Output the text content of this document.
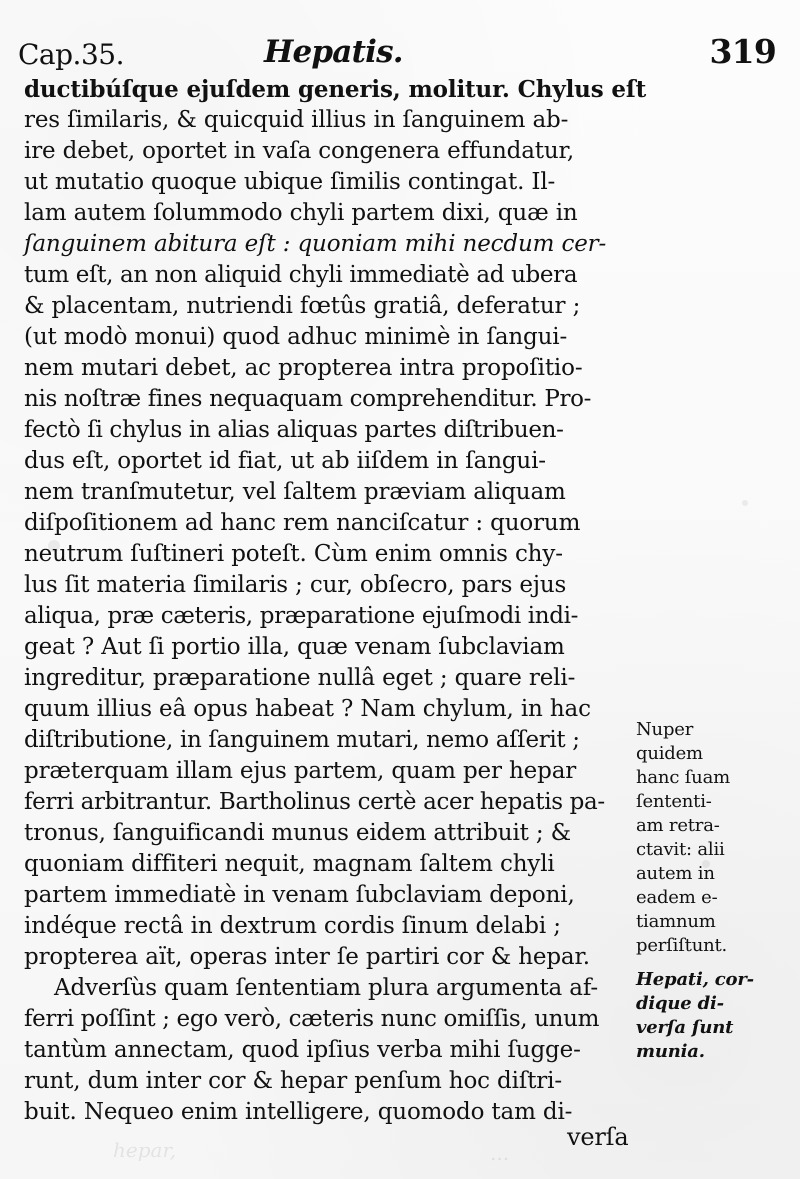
Cap.35.	Hepatis.	319
ductibúſque ejuſdem generis, molitur. Chylus eſt
res ſimilaris, & quicquid illius in ſanguinem ab-
ire debet, oportet in vaſa congenera effundatur,
ut mutatio quoque ubique ſimilis contingat. Il-
lam autem ſolummodo chyli partem dixi, quæ in
ſanguinem abitura eſt : quoniam mihi necdum cer-
tum eſt, an non aliquid chyli immediatè ad ubera
& placentam, nutriendi fœtûs gratiâ, deferatur ;
(ut modò monui) quod adhuc minimè in ſangui-
nem mutari debet, ac propterea intra propoſitio-
nis noſtræ fines nequaquam comprehenditur. Pro-
fectò ſi chylus in alias aliquas partes diſtribuen-
dus eſt, oportet id fiat, ut ab iiſdem in ſangui-
nem tranſmutetur, vel ſaltem præviam aliquam
diſpoſitionem ad hanc rem nanciſcatur : quorum
neutrum ſuſtineri poteſt. Cùm enim omnis chy-
lus ſit materia ſimilaris ; cur, obſecro, pars ejus
aliqua, præ cæteris, præparatione ejuſmodi indi-
geat ? Aut ſi portio illa, quæ venam ſubclaviam
ingreditur, præparatione nullâ eget ; quare reli-
quum illius eâ opus habeat ? Nam chylum, in hac
diſtributione, in ſanguinem mutari, nemo aſſerit ;
præterquam illam ejus partem, quam per hepar
ferri arbitrantur. Bartholinus certè acer hepatis pa-
tronus, ſanguificandi munus eidem attribuit ; &
quoniam diffiteri nequit, magnam ſaltem chyli
partem immediatè in venam ſubclaviam deponi,
indéque rectâ in dextrum cordis ſinum delabi ;
propterea aït, operas inter ſe partiri cor & hepar.
Adverſùs quam ſententiam plura argumenta af-
ferri poſſint ; ego verò, cæteris nunc omiſſis, unum
tantùm annectam, quod ipſius verba mihi ſugge-
runt, dum inter cor & hepar penſum hoc diſtri-
buit. Nequeo enim intelligere, quomodo tam di-
Nuper
quidem
hanc ſuam
ſententi-
am retra-
ctavit: alii
autem in
eadem e-
tiamnum
perſiſtunt.
Hepati, cor-
dique di-
verſa ſunt
munia.
verſa
hepar,	...
